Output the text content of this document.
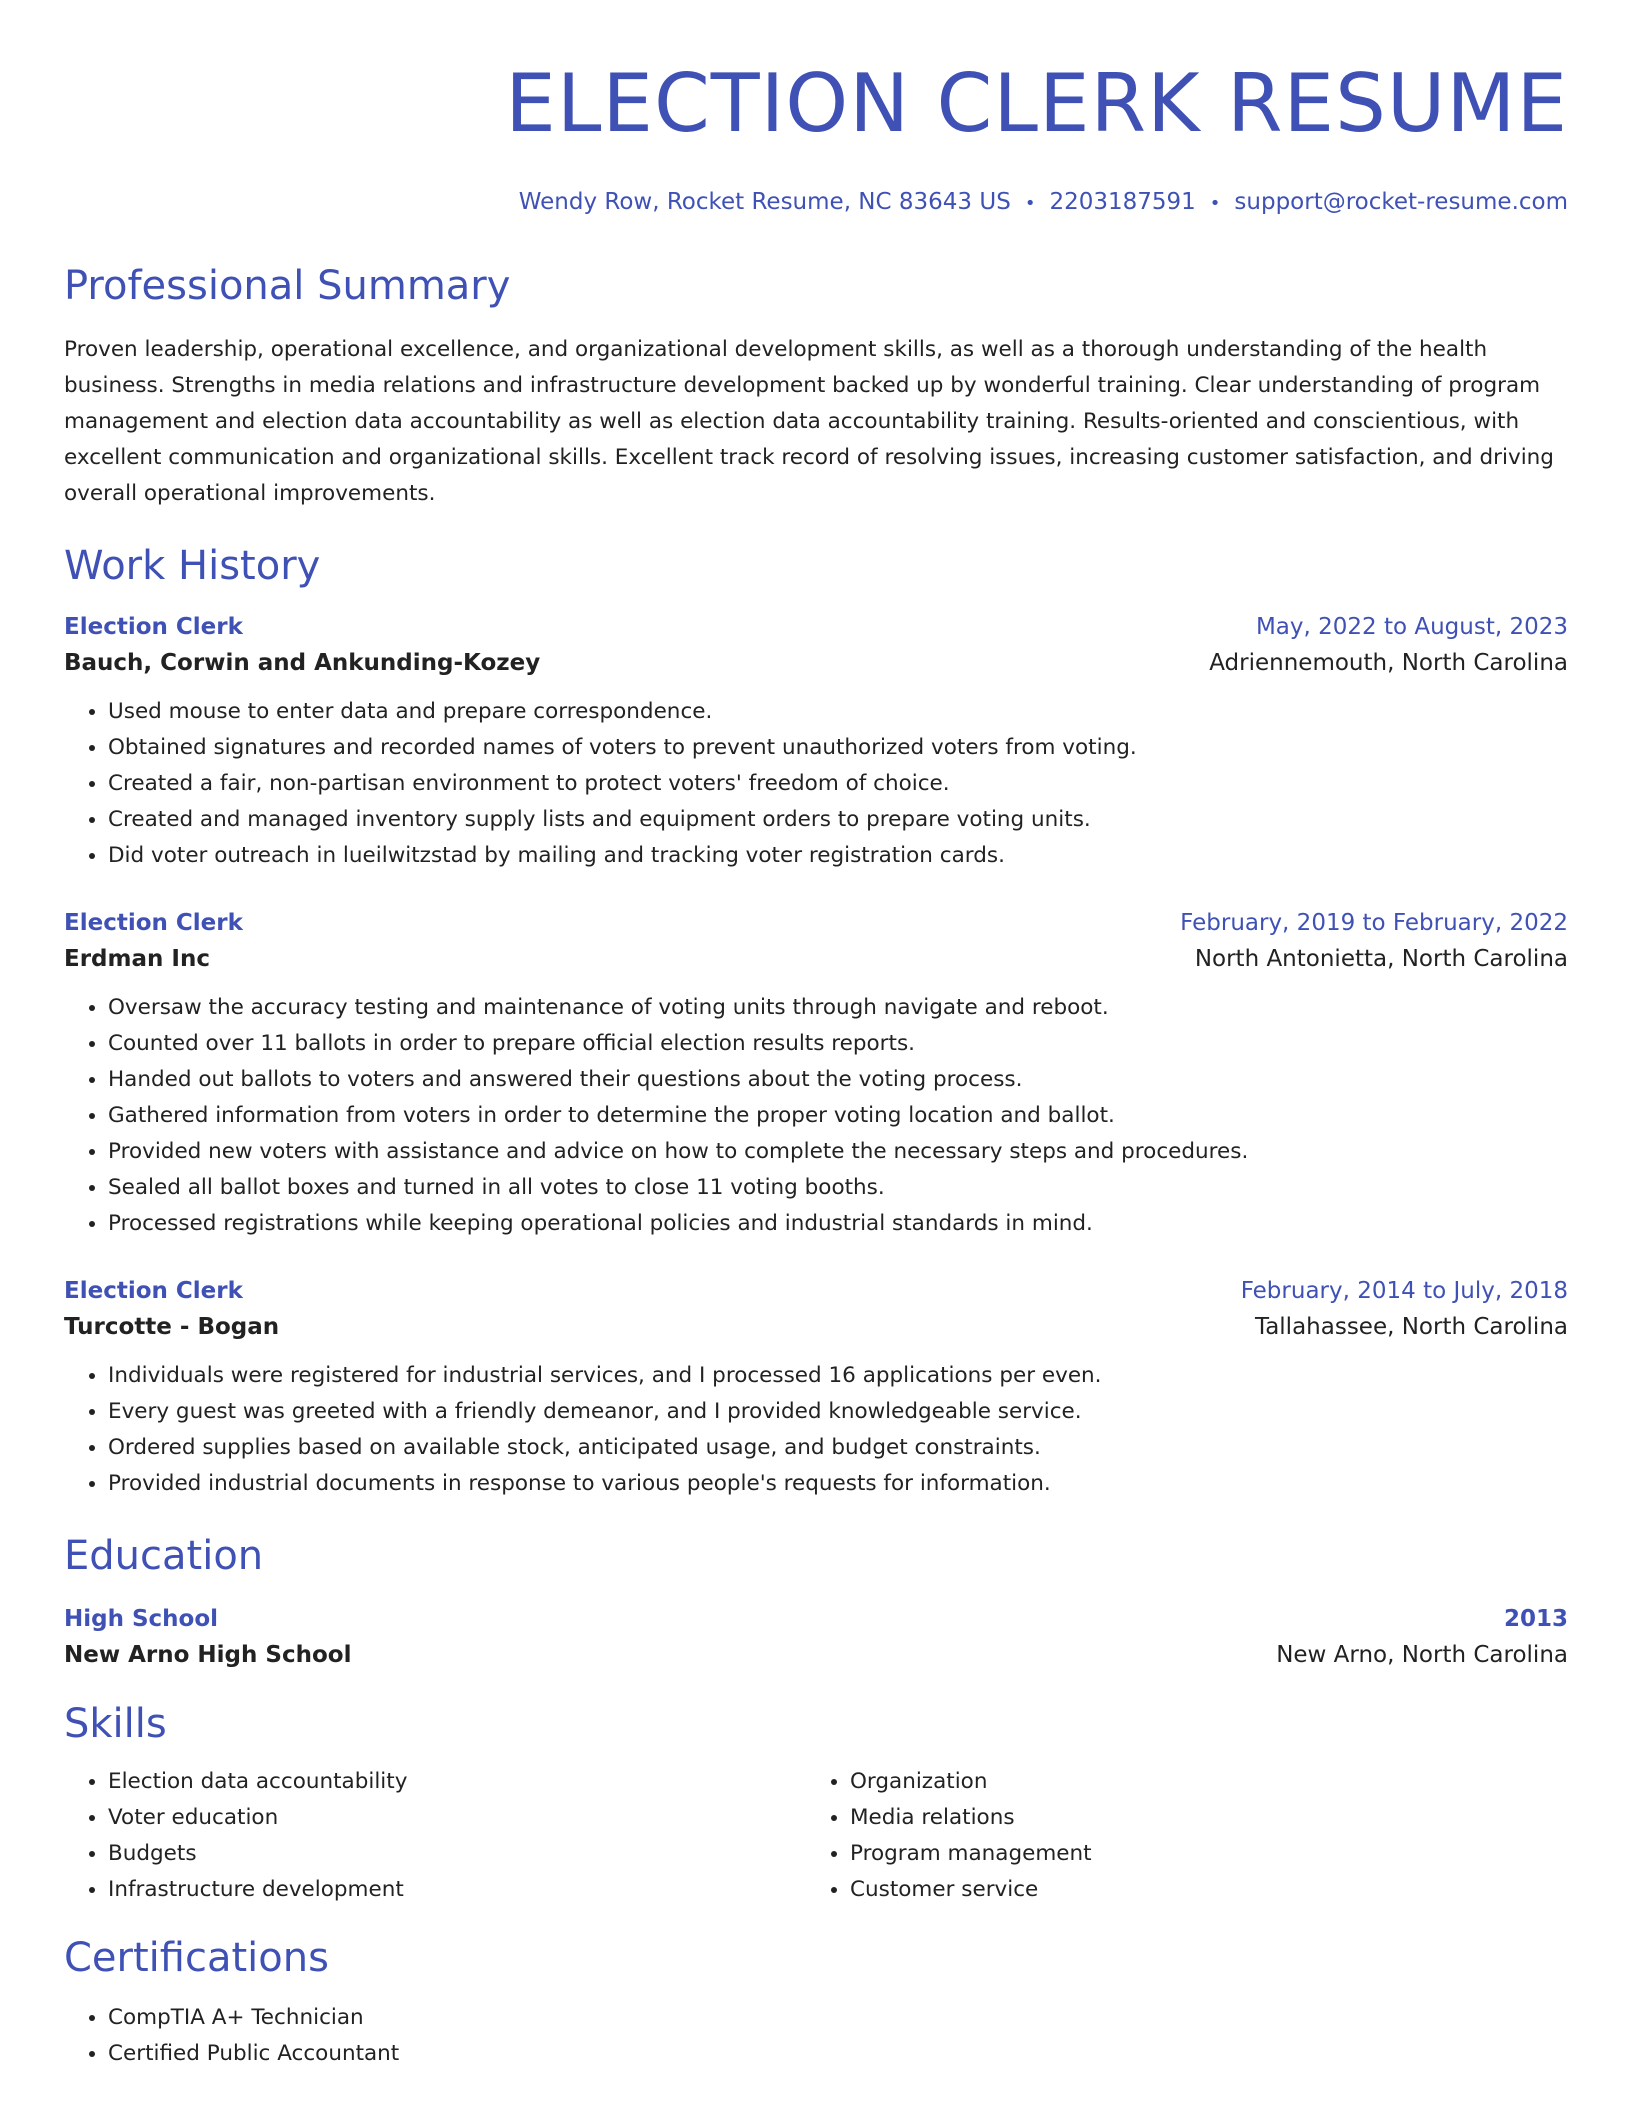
ELECTION CLERK RESUME
Wendy Row, Rocket Resume, NC 83643 US • 2203187591 • support@rocket-resume.com
Professional Summary

Proven leadership, operational excellence, and organizational development skills, as well as a thorough understanding of the health business. Strengths in media relations and infrastructure development backed up by wonderful training. Clear understanding of program management and election data accountability as well as election data accountability training. Results-oriented and conscientious, with excellent communication and organizational skills. Excellent track record of resolving issues, increasing customer satisfaction, and driving overall operational improvements.

Work History
Election Clerk	May, 2022 to August, 2023
Bauch, Corwin and Ankunding-Kozey	Adriennemouth, North Carolina
• Used mouse to enter data and prepare correspondence.
• Obtained signatures and recorded names of voters to prevent unauthorized voters from voting.
• Created a fair, non-partisan environment to protect voters' freedom of choice.
• Created and managed inventory supply lists and equipment orders to prepare voting units.
• Did voter outreach in lueilwitzstad by mailing and tracking voter registration cards.
Election Clerk	February, 2019 to February, 2022
Erdman Inc	North Antonietta, North Carolina
• Oversaw the accuracy testing and maintenance of voting units through navigate and reboot.
• Counted over 11 ballots in order to prepare official election results reports.
• Handed out ballots to voters and answered their questions about the voting process.
• Gathered information from voters in order to determine the proper voting location and ballot.
• Provided new voters with assistance and advice on how to complete the necessary steps and procedures.
• Sealed all ballot boxes and turned in all votes to close 11 voting booths.
• Processed registrations while keeping operational policies and industrial standards in mind.
Election Clerk	February, 2014 to July, 2018
Turcotte - Bogan	Tallahassee, North Carolina
• Individuals were registered for industrial services, and I processed 16 applications per even.
• Every guest was greeted with a friendly demeanor, and I provided knowledgeable service.
• Ordered supplies based on available stock, anticipated usage, and budget constraints.
• Provided industrial documents in response to various people's requests for information.
Education
High School	2013
New Arno High School	New Arno, North Carolina
Skills
• Election data accountability
• Voter education
• Budgets
• Infrastructure development
• Organization
• Media relations
• Program management
• Customer service
Certifications
• CompTIA A+ Technician
• Certified Public Accountant
